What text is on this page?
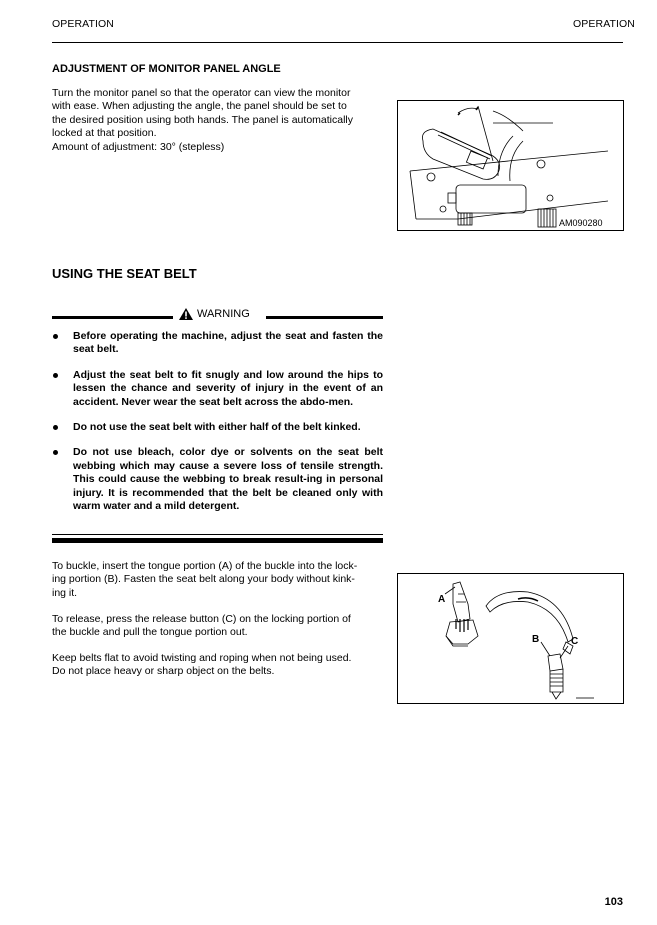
OPERATION	OPERATION
ADJUSTMENT OF MONITOR PANEL ANGLE
Turn the monitor panel so that the operator can view the monitor
with ease. When adjusting the angle, the panel should be set to
the desired position using both hands. The panel is automatically
locked at that position.
Amount of adjustment: 30° (stepless)
AM090280
USING THE SEAT BELT
WARNING
Before operating the machine, adjust the seat and fasten the seat belt.
Adjust the seat belt to fit snugly and low around the hips to lessen the chance and severity of injury in the event of an accident. Never wear the seat belt across the abdo-men.
Do not use the seat belt with either half of the belt kinked.
Do not use bleach, color dye or solvents on the seat belt webbing which may cause a severe loss of tensile strength. This could cause the webbing to break result-ing in personal injury. It is recommended that the belt be cleaned only with warm water and a mild detergent.
To buckle, insert the tongue portion (A) of the buckle into the lock-
ing portion (B). Fasten the seat belt along your body without kink-
ing it.
To release, press the release button (C) on the locking portion of
the buckle and pull the tongue portion out.
Keep belts flat to avoid twisting and roping when not being used.
Do not place heavy or sharp object on the belts.
A
B	C
103
